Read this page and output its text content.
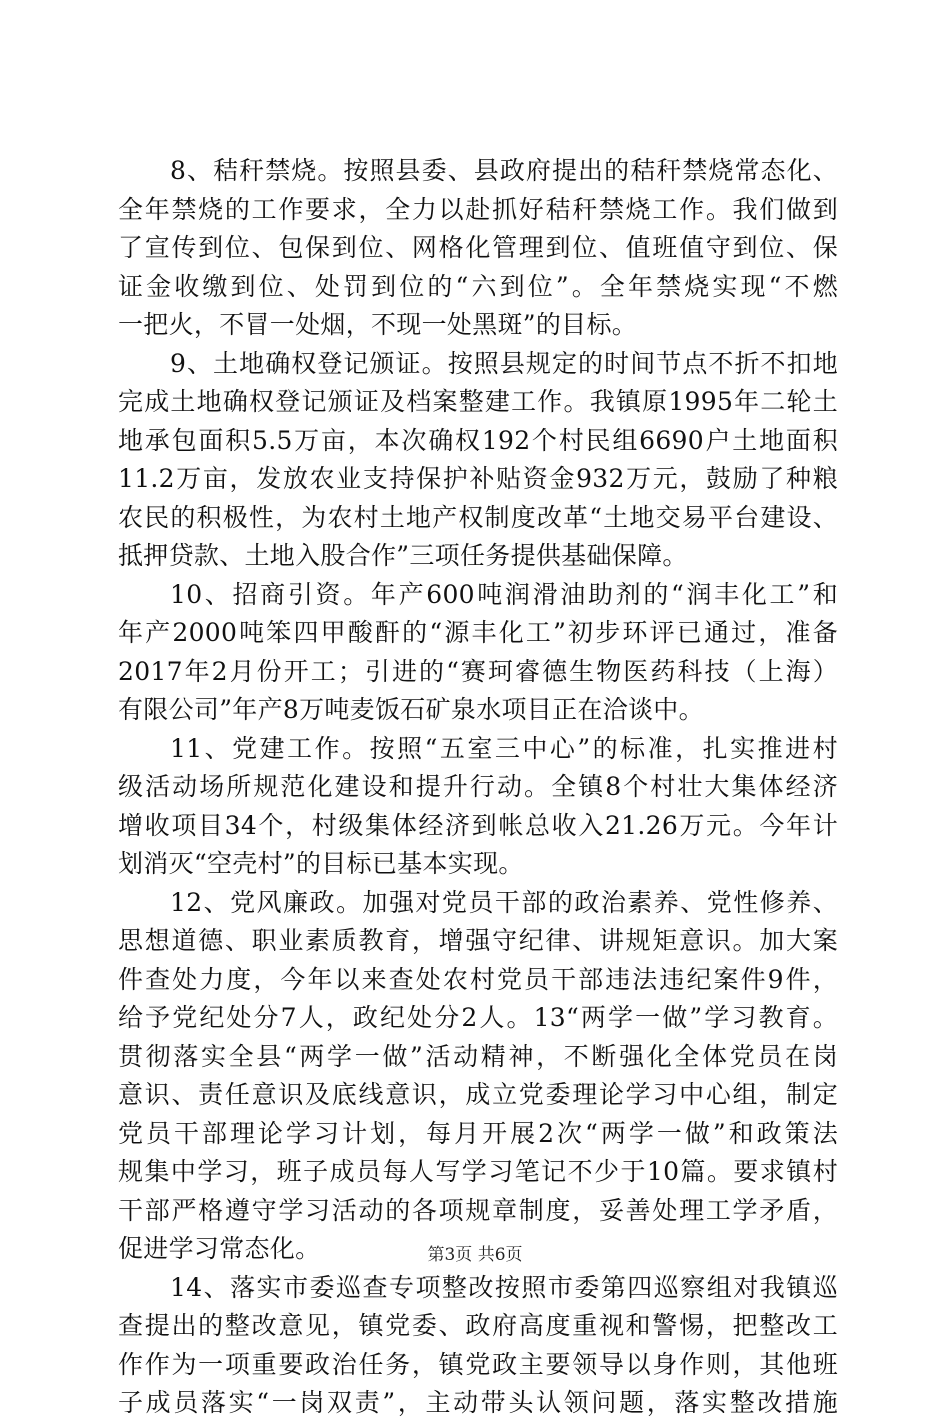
8、秸秆禁烧。按照县委、县政府提出的秸秆禁烧常态化、
全年禁烧的工作要求，全力以赴抓好秸秆禁烧工作。我们做到
了宣传到位、包保到位、网格化管理到位、值班值守到位、保
证金收缴到位、处罚到位的“六到位”。全年禁烧实现“不燃
一把火，不冒一处烟，不现一处黑斑”的目标。
9、土地确权登记颁证。按照县规定的时间节点不折不扣地
完成土地确权登记颁证及档案整建工作。我镇原1995年二轮土
地承包面积5.5万亩，本次确权192个村民组6690户土地面积
11.2万亩，发放农业支持保护补贴资金932万元，鼓励了种粮
农民的积极性，为农村土地产权制度改革“土地交易平台建设、
抵押贷款、土地入股合作”三项任务提供基础保障。
10、招商引资。年产600吨润滑油助剂的“润丰化工”和
年产2000吨笨四甲酸酐的“源丰化工”初步环评已通过，准备
2017年2月份开工；引进的“赛珂睿德生物医药科技（上海）
有限公司”年产8万吨麦饭石矿泉水项目正在洽谈中。
11、党建工作。按照“五室三中心”的标准，扎实推进村
级活动场所规范化建设和提升行动。全镇8个村壮大集体经济
增收项目34个，村级集体经济到帐总收入21.26万元。今年计
划消灭“空壳村”的目标已基本实现。
12、党风廉政。加强对党员干部的政治素养、党性修养、
思想道德、职业素质教育，增强守纪律、讲规矩意识。加大案
件查处力度，今年以来查处农村党员干部违法违纪案件9件，
给予党纪处分7人，政纪处分2人。13“两学一做”学习教育。
贯彻落实全县“两学一做”活动精神，不断强化全体党员在岗
意识、责任意识及底线意识，成立党委理论学习中心组，制定
党员干部理论学习计划，每月开展2次“两学一做”和政策法
规集中学习，班子成员每人写学习笔记不少于10篇。要求镇村
干部严格遵守学习活动的各项规章制度，妥善处理工学矛盾，
促进学习常态化。
14、落实市委巡查专项整改按照市委第四巡察组对我镇巡
查提出的整改意见，镇党委、政府高度重视和警惕，把整改工
作作为一项重要政治任务，镇党政主要领导以身作则，其他班
子成员落实“一岗双责”，主动带头认领问题，落实整改措施
第3页 共6页
